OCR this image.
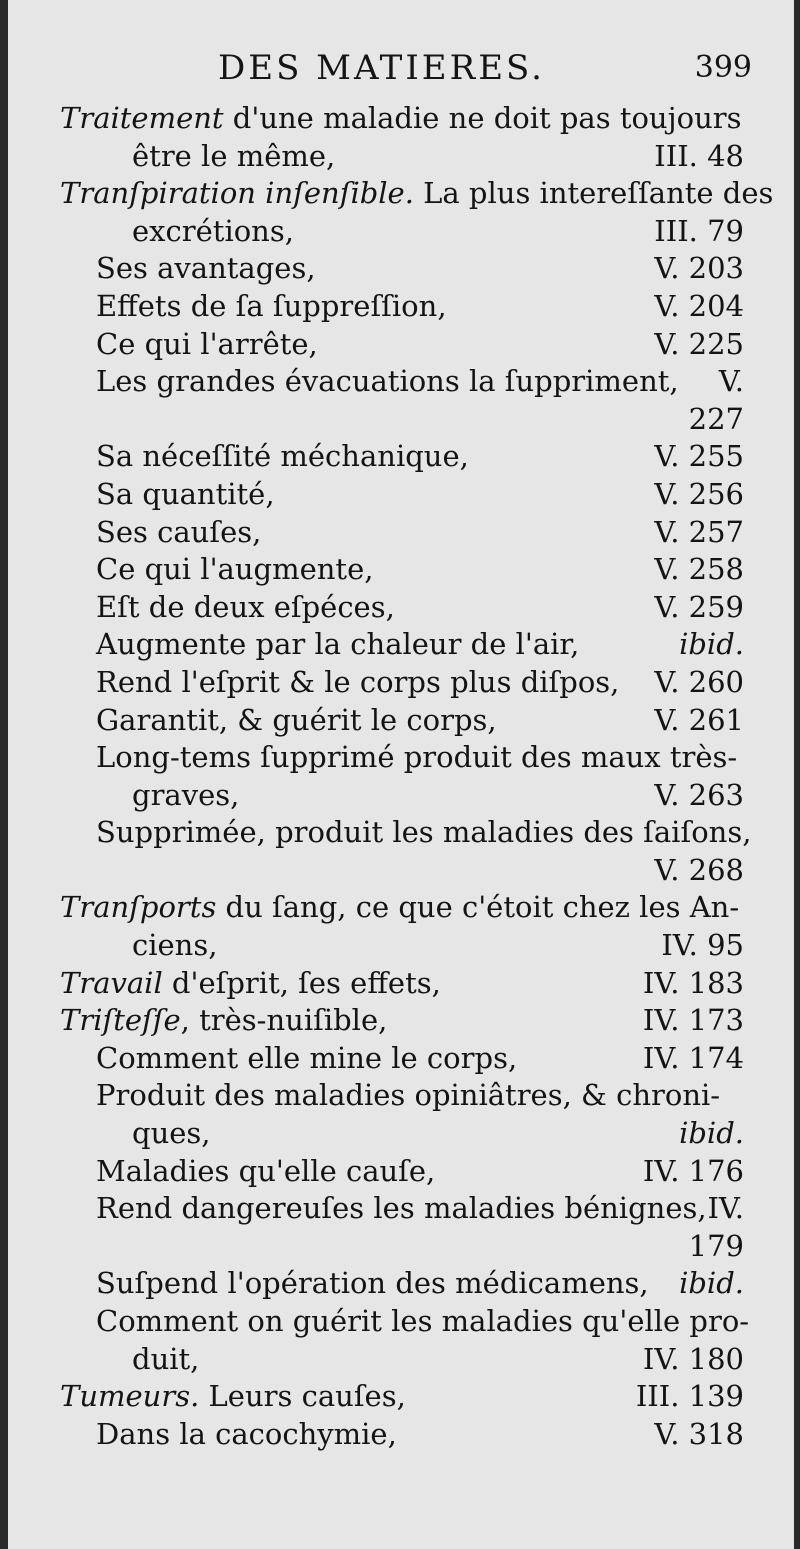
DES MATIERES.	399
Traitement d'une maladie ne doit pas toujours
être le même,	III. 48
Tranſpiration inſenſible. La plus intereſſante des
excrétions,	III. 79
Ses avantages,	V. 203
Effets de ſa ſuppreſſion,	V. 204
Ce qui l'arrête,	V. 225
Les grandes évacuations la ſuppriment, V.
227
Sa néceſſité méchanique,	V. 255
Sa quantité,	V. 256
Ses cauſes,	V. 257
Ce qui l'augmente,	V. 258
Eſt de deux eſpéces,	V. 259
Augmente par la chaleur de l'air,	ibid.
Rend l'eſprit & le corps plus diſpos, V. 260
Garantit, & guérit le corps,	V. 261
Long-tems ſupprimé produit des maux très-
graves,	V. 263
Supprimée, produit les maladies des ſaiſons,
V. 268
Tranſports du ſang, ce que c'étoit chez les An-
ciens,	IV. 95
Travail d'eſprit, ſes effets,	IV. 183
Triſteſſe, très-nuiſible,	IV. 173
Comment elle mine le corps,	IV. 174
Produit des maladies opiniâtres, & chroni-
ques,	ibid.
Maladies qu'elle cauſe,	IV. 176
Rend dangereuſes les maladies bénignes, IV.
179
Suſpend l'opération des médicamens, ibid.
Comment on guérit les maladies qu'elle pro-
duit,	IV. 180
Tumeurs. Leurs cauſes,	III. 139
Dans la cacochymie,	V. 318
